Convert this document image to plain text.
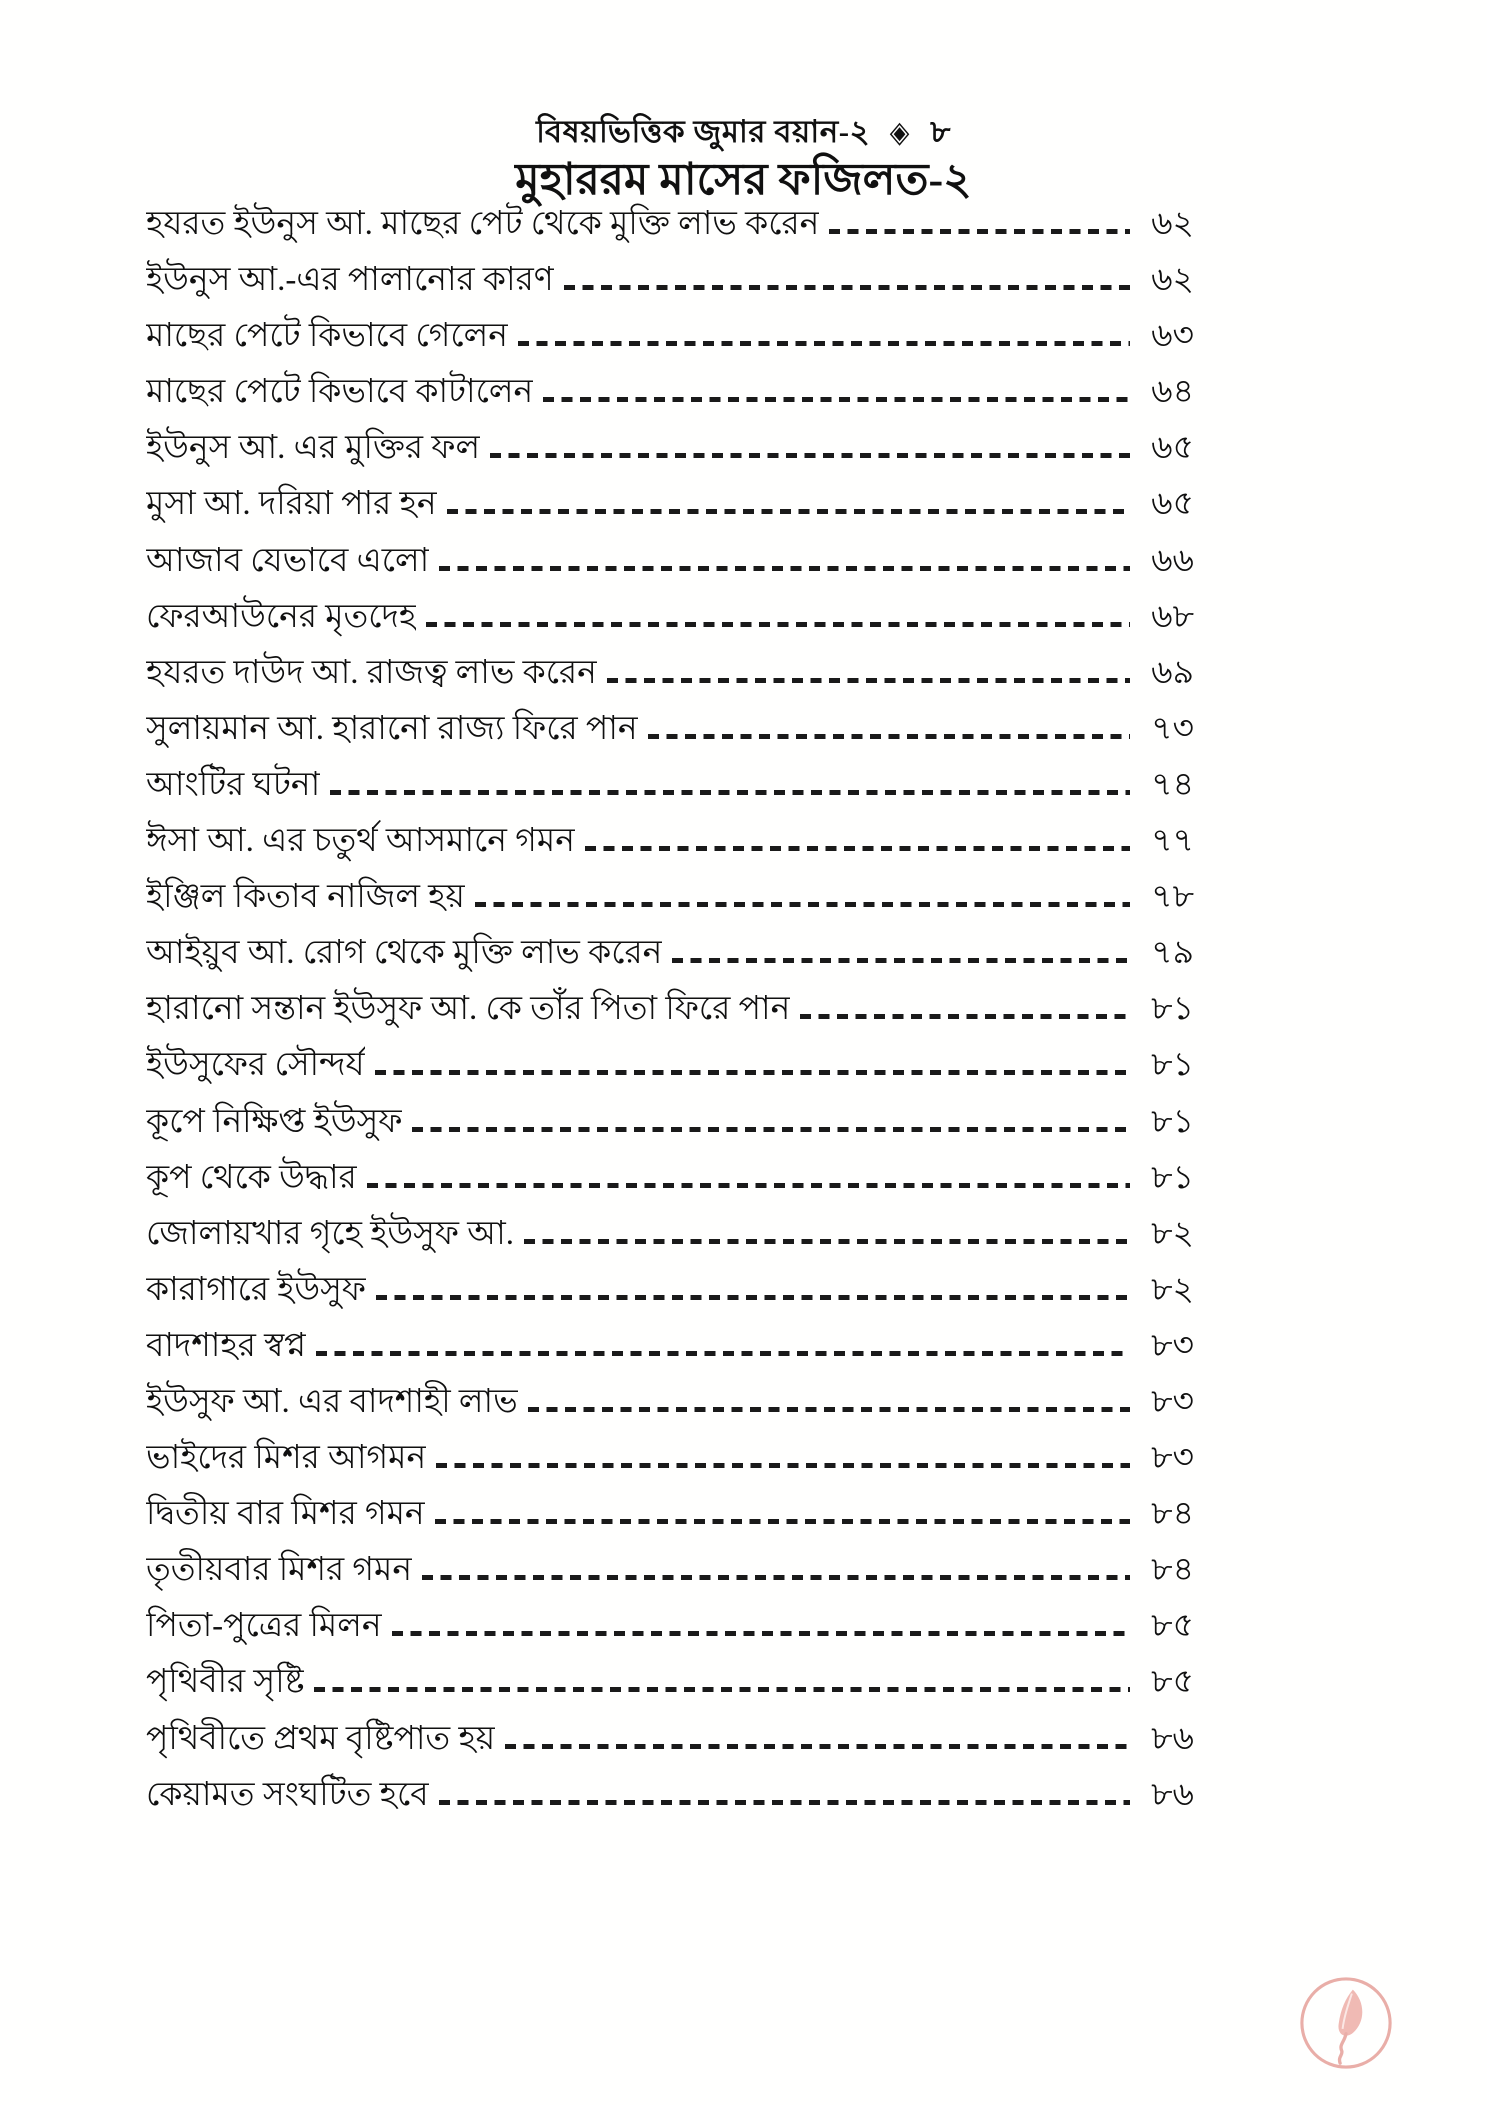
বিষয়ভিত্তিক জুমার বয়ান-২ ◈ ৮
মুহাররম মাসের ফজিলত-২
হযরত ইউনুস আ. মাছের পেট থেকে মুক্তি লাভ করেন	৬২
ইউনুস আ.-এর পালানোর কারণ	৬২
মাছের পেটে কিভাবে গেলেন	৬৩
মাছের পেটে কিভাবে কাটালেন	৬৪
ইউনুস আ. এর মুক্তির ফল	৬৫
মুসা আ. দরিয়া পার হন	৬৫
আজাব যেভাবে এলো	৬৬
ফেরআউনের মৃতদেহ	৬৮
হযরত দাউদ আ. রাজত্ব লাভ করেন	৬৯
সুলায়মান আ. হারানো রাজ্য ফিরে পান	৭৩
আংটির ঘটনা	৭৪
ঈসা আ. এর চতুর্থ আসমানে গমন	৭৭
ইঞ্জিল কিতাব নাজিল হয়	৭৮
আইয়ুব আ. রোগ থেকে মুক্তি লাভ করেন	৭৯
হারানো সন্তান ইউসুফ আ. কে তাঁর পিতা ফিরে পান	৮১
ইউসুফের সৌন্দর্য	৮১
কূপে নিক্ষিপ্ত ইউসুফ	৮১
কূপ থেকে উদ্ধার	৮১
জোলায়খার গৃহে ইউসুফ আ.	৮২
কারাগারে ইউসুফ	৮২
বাদশাহর স্বপ্ন	৮৩
ইউসুফ আ. এর বাদশাহী লাভ	৮৩
ভাইদের মিশর আগমন	৮৩
দ্বিতীয় বার মিশর গমন	৮৪
তৃতীয়বার মিশর গমন	৮৪
পিতা-পুত্রের মিলন	৮৫
পৃথিবীর সৃষ্টি	৮৫
পৃথিবীতে প্রথম বৃষ্টিপাত হয়	৮৬
কেয়ামত সংঘটিত হবে	৮৬
